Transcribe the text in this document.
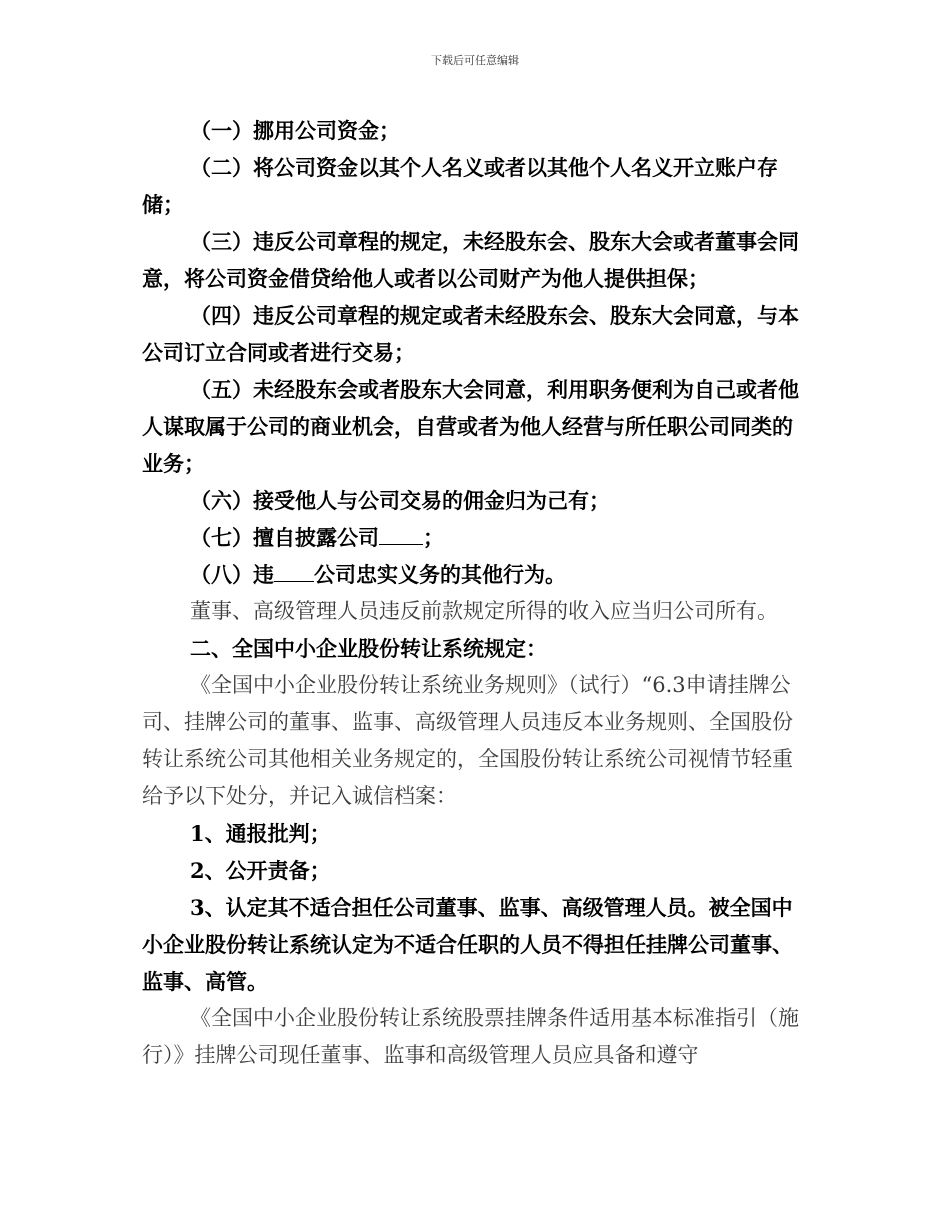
下载后可任意编辑

（一）挪用公司资金；

（二）将公司资金以其个人名义或者以其他个人名义开立账户存储；

（三）违反公司章程的规定，未经股东会、股东大会或者董事会同意，将公司资金借贷给他人或者以公司财产为他人提供担保；

（四）违反公司章程的规定或者未经股东会、股东大会同意，与本公司订立合同或者进行交易；

（五）未经股东会或者股东大会同意，利用职务便利为自己或者他人谋取属于公司的商业机会，自营或者为他人经营与所任职公司同类的业务；

（六）接受他人与公司交易的佣金归为己有；

（七）擅自披露公司 ；

（八）违 公司忠实义务的其他行为。

董事、高级管理人员违反前款规定所得的收入应当归公司所有。

二、全国中小企业股份转让系统规定：

《全国中小企业股份转让系统业务规则》（试行）“6.3申请挂牌公司、挂牌公司的董事、监事、高级管理人员违反本业务规则、全国股份转让系统公司其他相关业务规定的，全国股份转让系统公司视情节轻重给予以下处分，并记入诚信档案：

1、通报批判；

2、公开责备；

3、认定其不适合担任公司董事、监事、高级管理人员。被全国中小企业股份转让系统认定为不适合任职的人员不得担任挂牌公司董事、监事、高管。

《全国中小企业股份转让系统股票挂牌条件适用基本标准指引（施行）》挂牌公司现任董事、监事和高级管理人员应具备和遵守
